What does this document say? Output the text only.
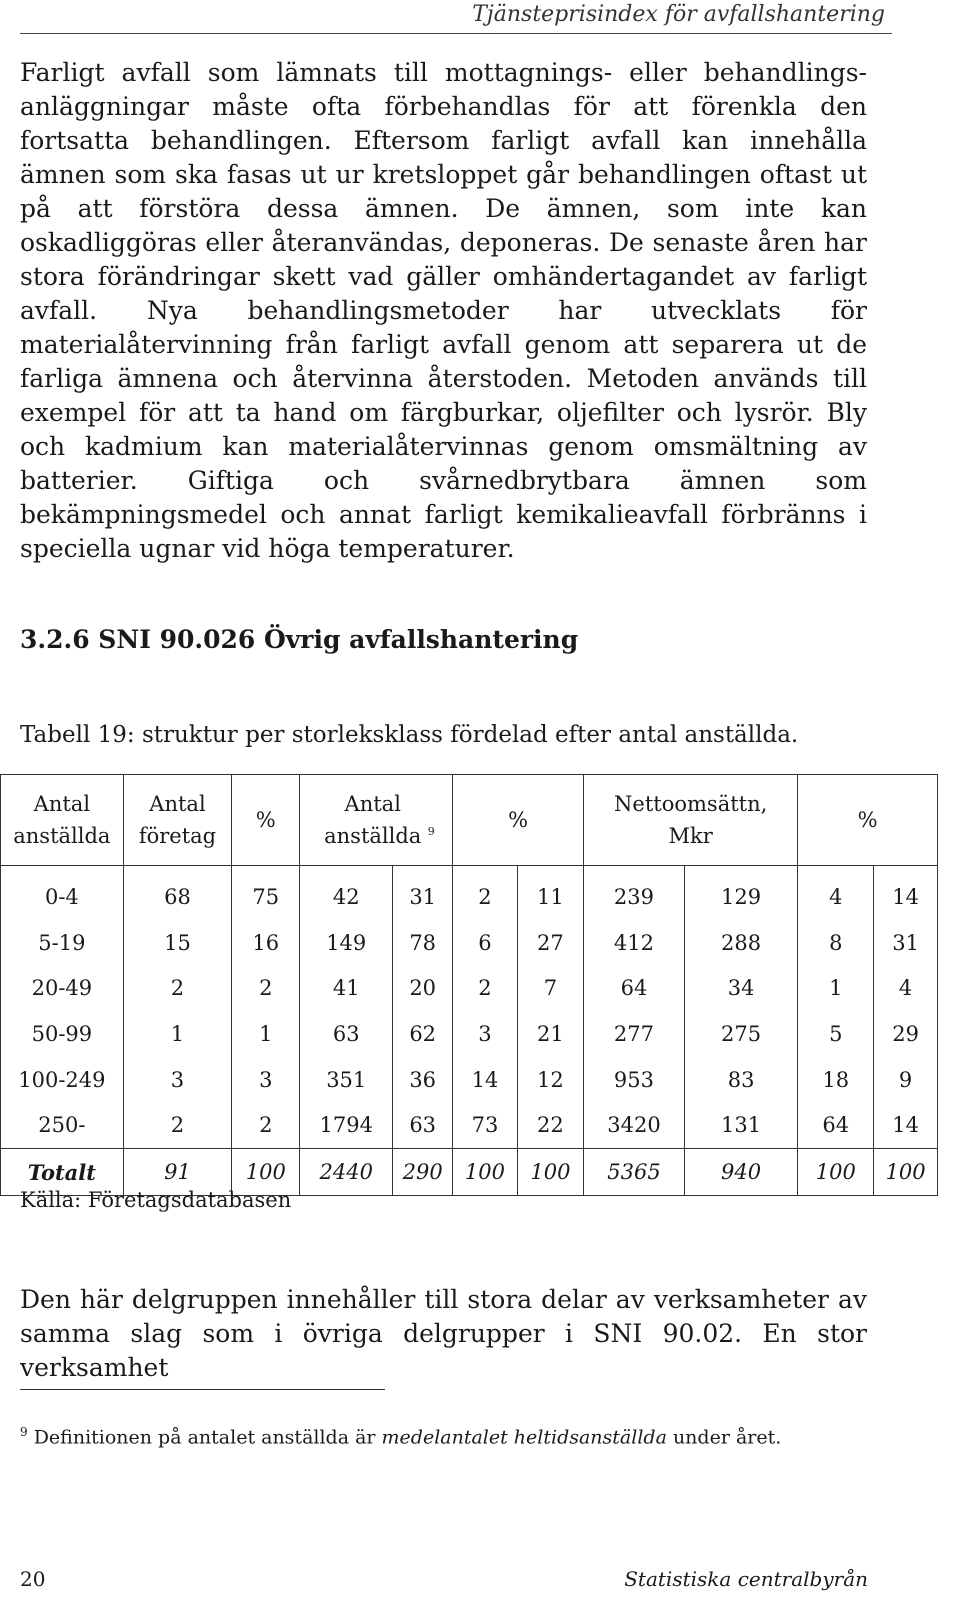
Tjänsteprisindex för avfallshantering
Farligt avfall som lämnats till mottagnings- eller behandlings-anläggningar måste ofta förbehandlas för att förenkla den fortsatta behandlingen. Eftersom farligt avfall kan innehålla ämnen som ska fasas ut ur kretsloppet går behandlingen oftast ut på att förstöra dessa ämnen. De ämnen, som inte kan oskadliggöras eller återanvändas, deponeras. De senaste åren har stora förändringar skett vad gäller omhändertagandet av farligt avfall. Nya behandlingsmetoder har utvecklats för materialåtervinning från farligt avfall genom att separera ut de farliga ämnena och återvinna återstoden. Metoden används till exempel för att ta hand om färgburkar, oljefilter och lysrör. Bly och kadmium kan materialåtervinnas genom omsmältning av batterier. Giftiga och svårnedbrytbara ämnen som bekämpningsmedel och annat farligt kemikalieavfall förbränns i speciella ugnar vid höga temperaturer.
3.2.6 SNI 90.026 Övrig avfallshantering
Tabell 19: struktur per storleksklass fördelad efter antal anställda.
Antal anställda	Antal företag	%	Antal anställda $^9$		%		Nettoomsättn, Mkr		%	
0-4	68	75	42	31	2	11	239	129	4	14
5-19	15	16	149	78	6	27	412	288	8	31
20-49	2	2	41	20	2	7	64	34	1	4
50-99	1	1	63	62	3	21	277	275	5	29
100-249	3	3	351	36	14	12	953	83	18	9
250-	2	2	1794	63	73	22	3420	131	64	14
Totalt	91	100	2440	290	100	100	5365	940	100	100
Källa: Företagsdatabasen
Den här delgruppen innehåller till stora delar av verksamheter av samma slag som i övriga delgrupper i SNI 90.02. En stor verksamhet
$^9$ Definitionen på antalet anställda är medelantalet heltidsanställda under året.
20	Statistiska centralbyrån
